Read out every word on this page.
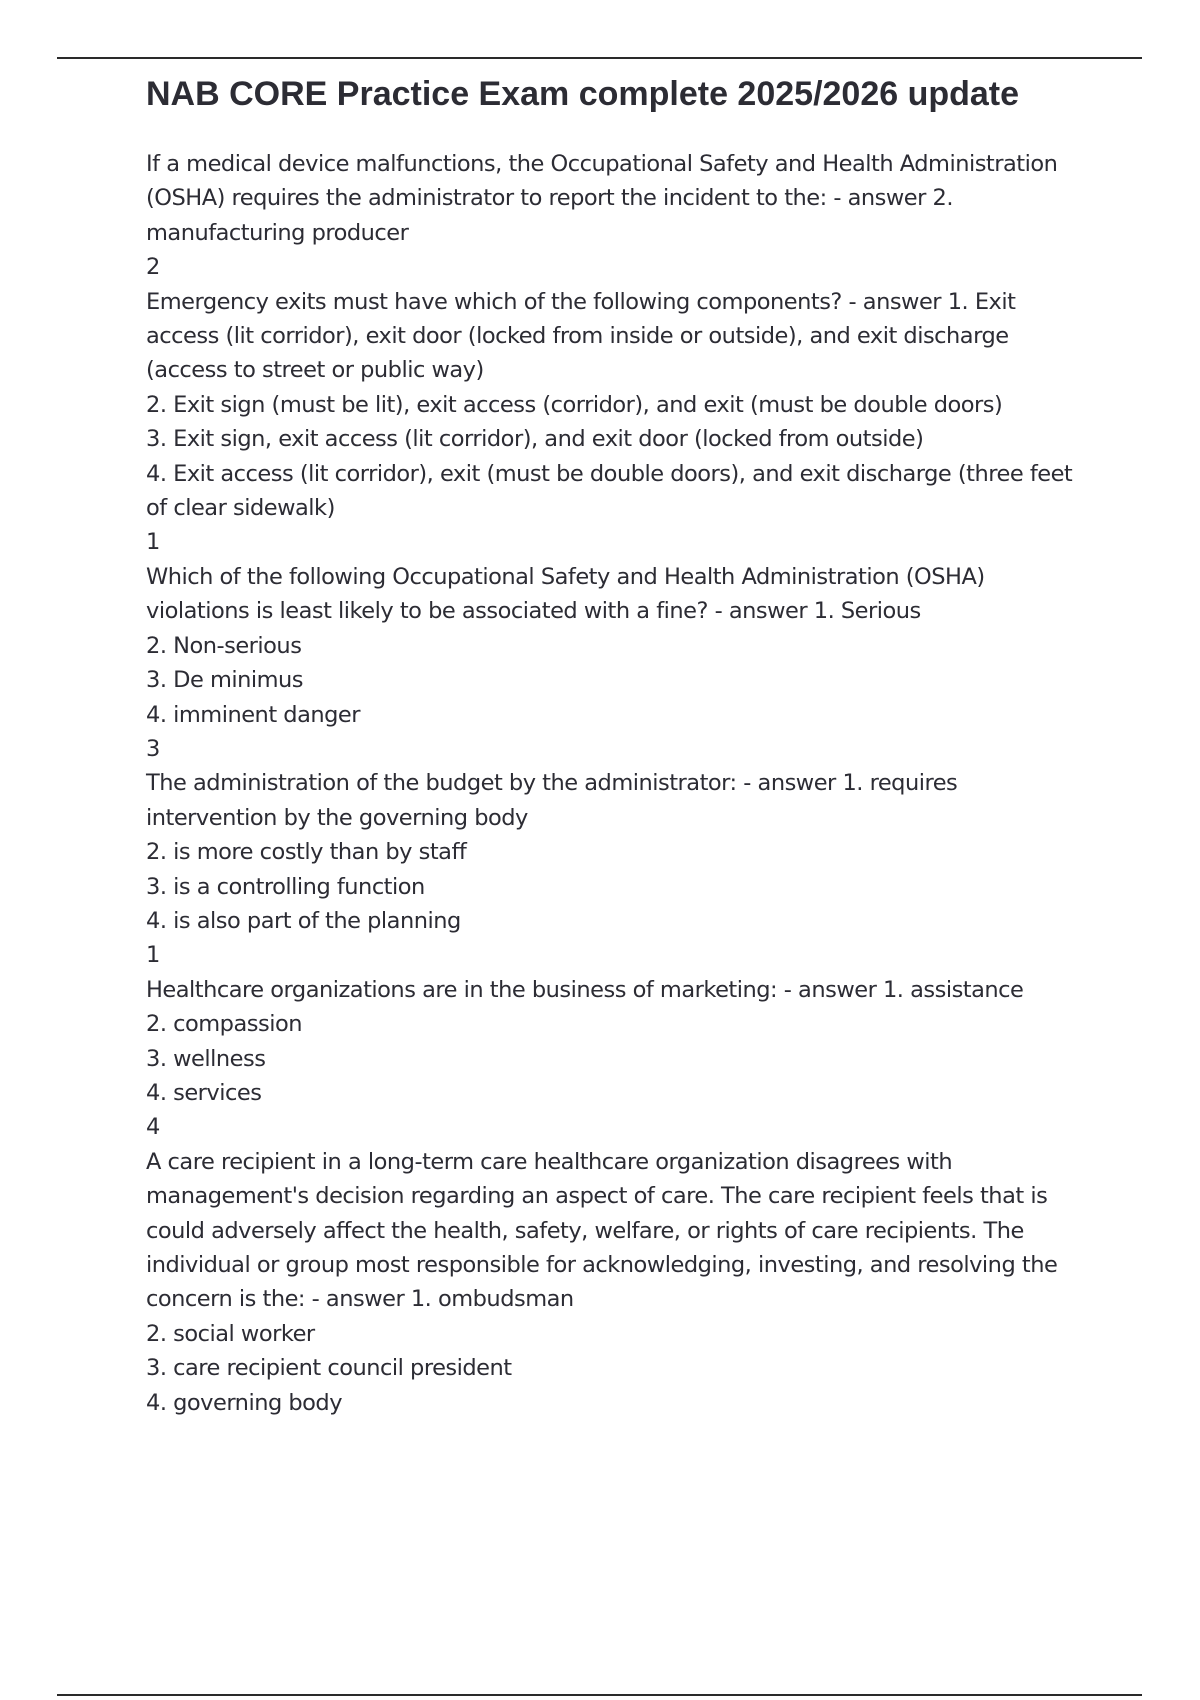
NAB CORE Practice Exam complete 2025/2026 update

If a medical device malfunctions, the Occupational Safety and Health Administration (OSHA) requires the administrator to report the incident to the: - answer 2. manufacturing producer

2

Emergency exits must have which of the following components? - answer 1. Exit access (lit corridor), exit door (locked from inside or outside), and exit discharge (access to street or public way)

2. Exit sign (must be lit), exit access (corridor), and exit (must be double doors)

3. Exit sign, exit access (lit corridor), and exit door (locked from outside)

4. Exit access (lit corridor), exit (must be double doors), and exit discharge (three feet of clear sidewalk)

1

Which of the following Occupational Safety and Health Administration (OSHA) violations is least likely to be associated with a fine? - answer 1. Serious

2. Non-serious

3. De minimus

4. imminent danger

3

The administration of the budget by the administrator: - answer 1. requires intervention by the governing body

2. is more costly than by staff

3. is a controlling function

4. is also part of the planning

1

Healthcare organizations are in the business of marketing: - answer 1. assistance

2. compassion

3. wellness

4. services

4

A care recipient in a long-term care healthcare organization disagrees with management's decision regarding an aspect of care. The care recipient feels that is could adversely affect the health, safety, welfare, or rights of care recipients. The individual or group most responsible for acknowledging, investing, and resolving the concern is the: - answer 1. ombudsman

2. social worker

3. care recipient council president

4. governing body
